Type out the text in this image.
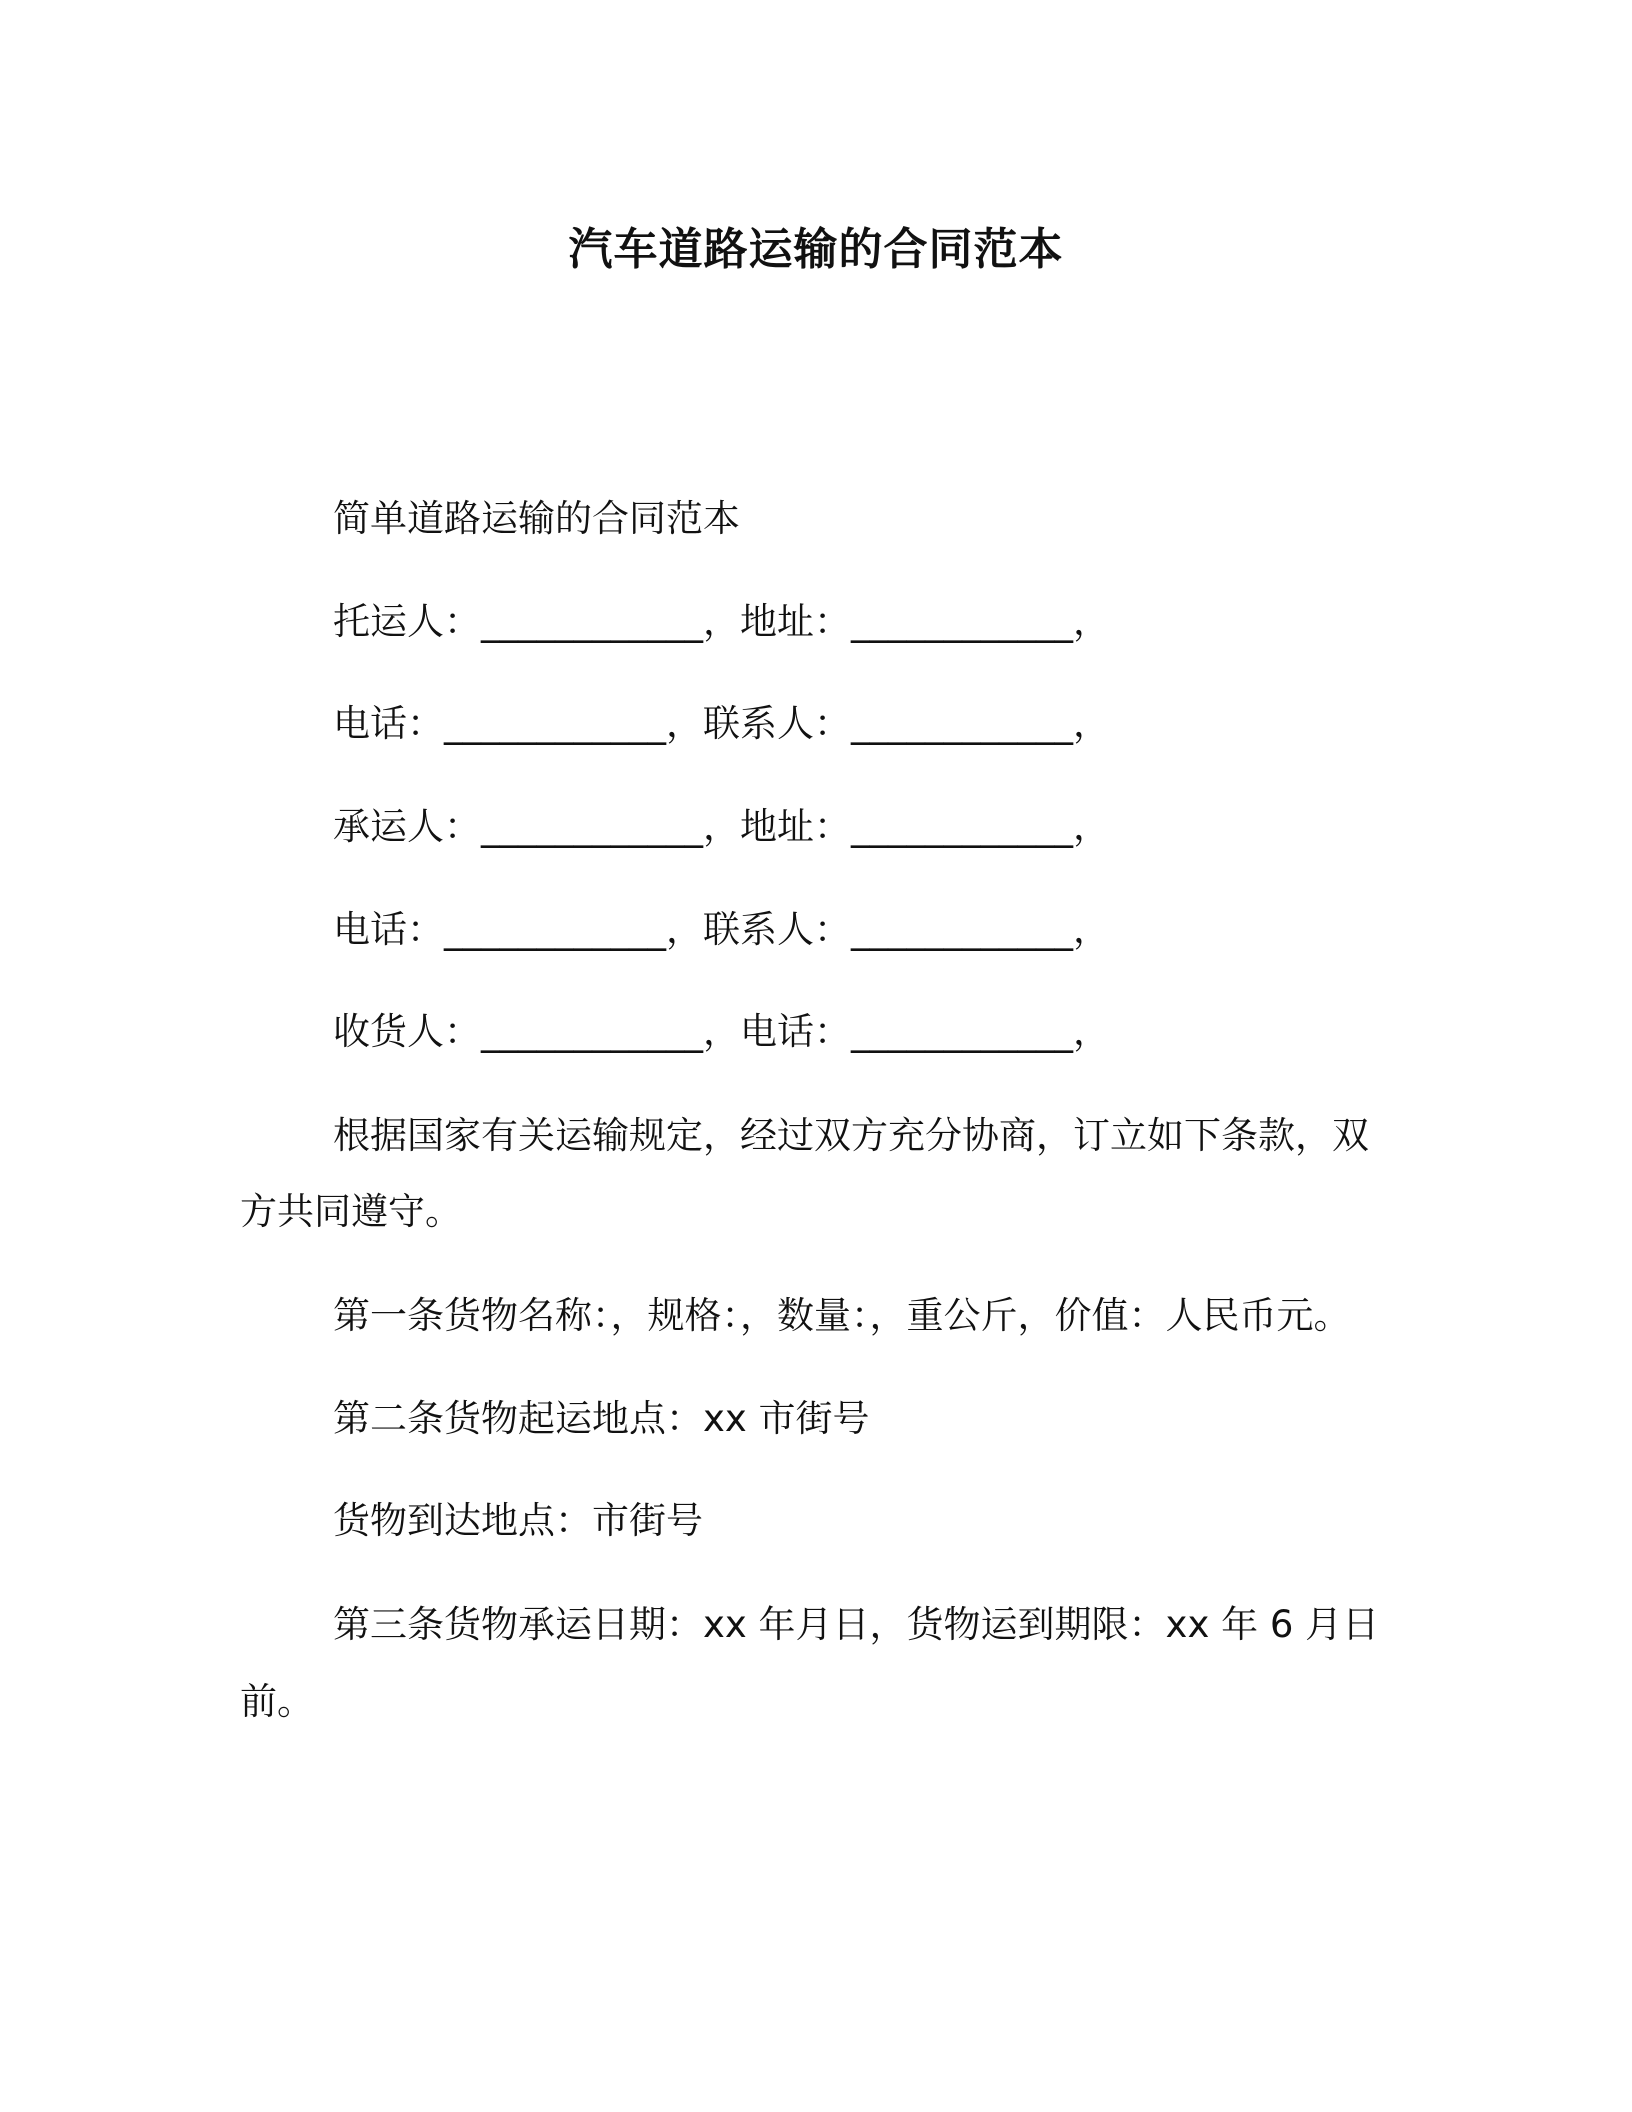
汽车道路运输的合同范本
简单道路运输的合同范本
托运人：____________，地址：____________，
电话：____________，联系人：____________，
承运人：____________，地址：____________，
电话：____________，联系人：____________，
收货人：____________，电话：____________，
根据国家有关运输规定，经过双方充分协商，订立如下条款，双
方共同遵守。
第一条货物名称：，规格：，数量：，重公斤，价值：人民币元。
第二条货物起运地点：xx 市街号
货物到达地点：市街号
第三条货物承运日期：xx 年月日，货物运到期限：xx 年 6 月日
前。
